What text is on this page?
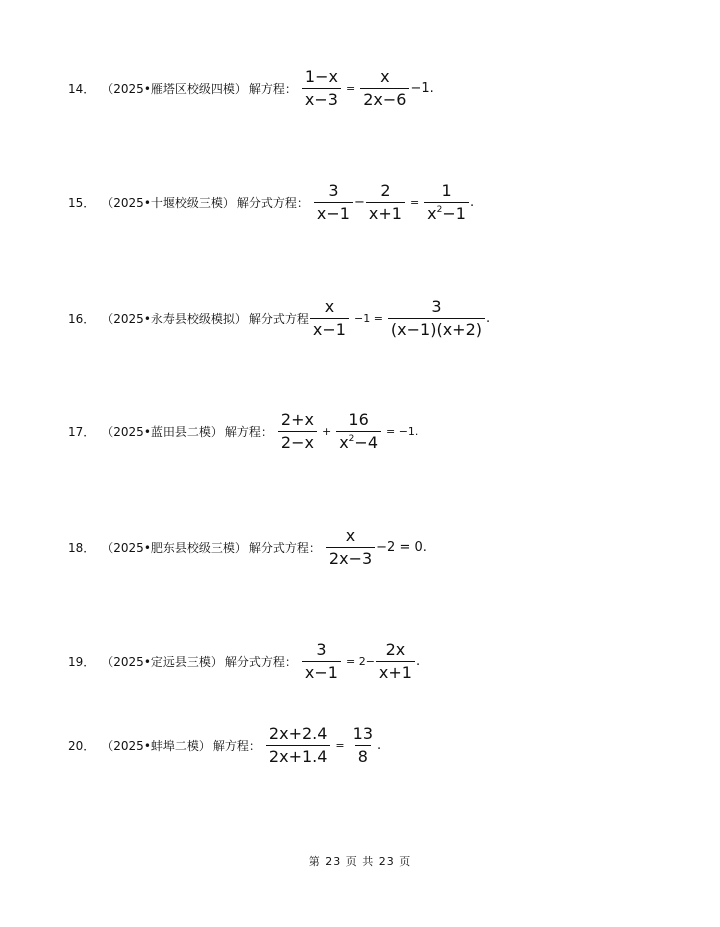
14． （2025•雁塔区校级四模） 解方程： $\frac{1-x}{x-3} = \frac{x}{2x-6} -1$.
15． （2025•十堰校级三模） 解分式方程： $\frac{3}{x-1} - \frac{2}{x+1} = \frac{1}{x^2-1}$ .
16． （2025•永寿县校级模拟） 解分式方程 $\frac{x}{x-1} -1 = \frac{3}{(x-1)(x+2)}$ .
17． （2025•蓝田县二模） 解方程： $\frac{2+x}{2-x} + \frac{16}{x^2-4} = -1$.
18． （2025•肥东县校级三模） 解分式方程： $\frac{x}{2x-3} -2 = 0$.
19． （2025•定远县三模） 解分式方程： $\frac{3}{x-1} = 2- \frac{2x}{x+1}$ .
20． （2025•蚌埠二模） 解方程： $\frac{2x+2.4}{2x+1.4} = \frac{13}{8}$ .
第 23 页 共 23 页
